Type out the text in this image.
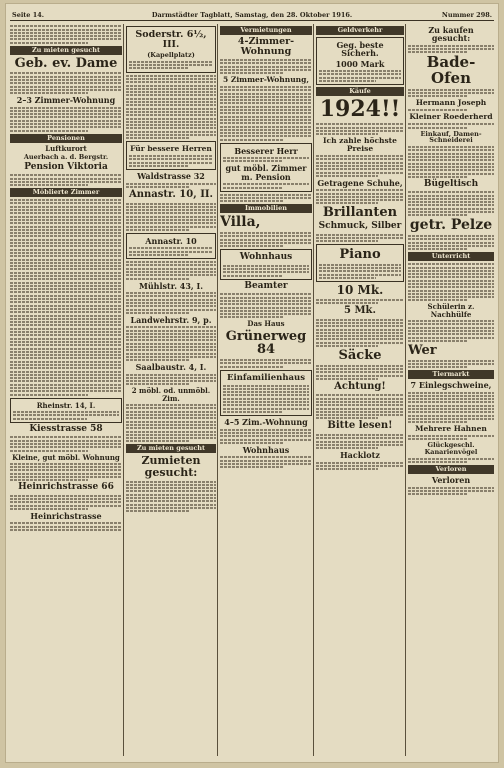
Seite 14.	Darmstädter Tagblatt, Samstag, den 28. Oktober 1916.	Nummer 298.
Zu mieten gesucht
Geb. ev. Dame
2–3 Zimmer-Wohnung
Pensionen
Luftkurort
Auerbach a. d. Bergstr.
Pension Viktoria
Möblierte Zimmer
Rheinstr. 14, I.
Kiesstrasse 58
Kleine, gut möbl. Wohnung
Heinrichstrasse 66
Heinrichstrasse
Soderstr. 6½, III.
(Kapellplatz)
Für bessere Herren
Waldstrasse 32
Annastr. 10, II.
Annastr. 10
Mühlstr. 43, I.
Landwehrstr. 9, p.
Saalbaustr. 4, I.
2 möbl. od. unmöbl. Zim.
Zu mieten gesucht
Zumieten gesucht:
Vermietungen
4-Zimmer-Wohnung
5 Zimmer-Wohnung,
Besserer Herr
gut möbl. Zimmer m. Pension
Immobilien
Villa,
Wohnhaus
Beamter
Das Haus
Grünerweg 84
Einfamilienhaus
4–5 Zim.-Wohnung
Wohnhaus
Geldverkehr
Geg. beste Sicherh.
1000 Mark
Käufe
1924!!
Ich zahle höchste Preise
Getragene Schuhe,
Brillanten
Schmuck, Silber
Piano
10 Mk.
5 Mk.
Säcke
Achtung!
Bitte lesen!
Hacklotz
Zu kaufen gesucht:
Bade-Ofen
Hermann Joseph
Kleiner Roederherd
Einkauf, Damen-Schneiderei
Bügeltisch
getr. Pelze
Unterricht
Schülerin z. Nachhülfe
Wer
Tiermarkt
7 Einlegschweine,
Mehrere Hahnen
Glückgeschl. Kanarienvögel
Verloren
Verloren
